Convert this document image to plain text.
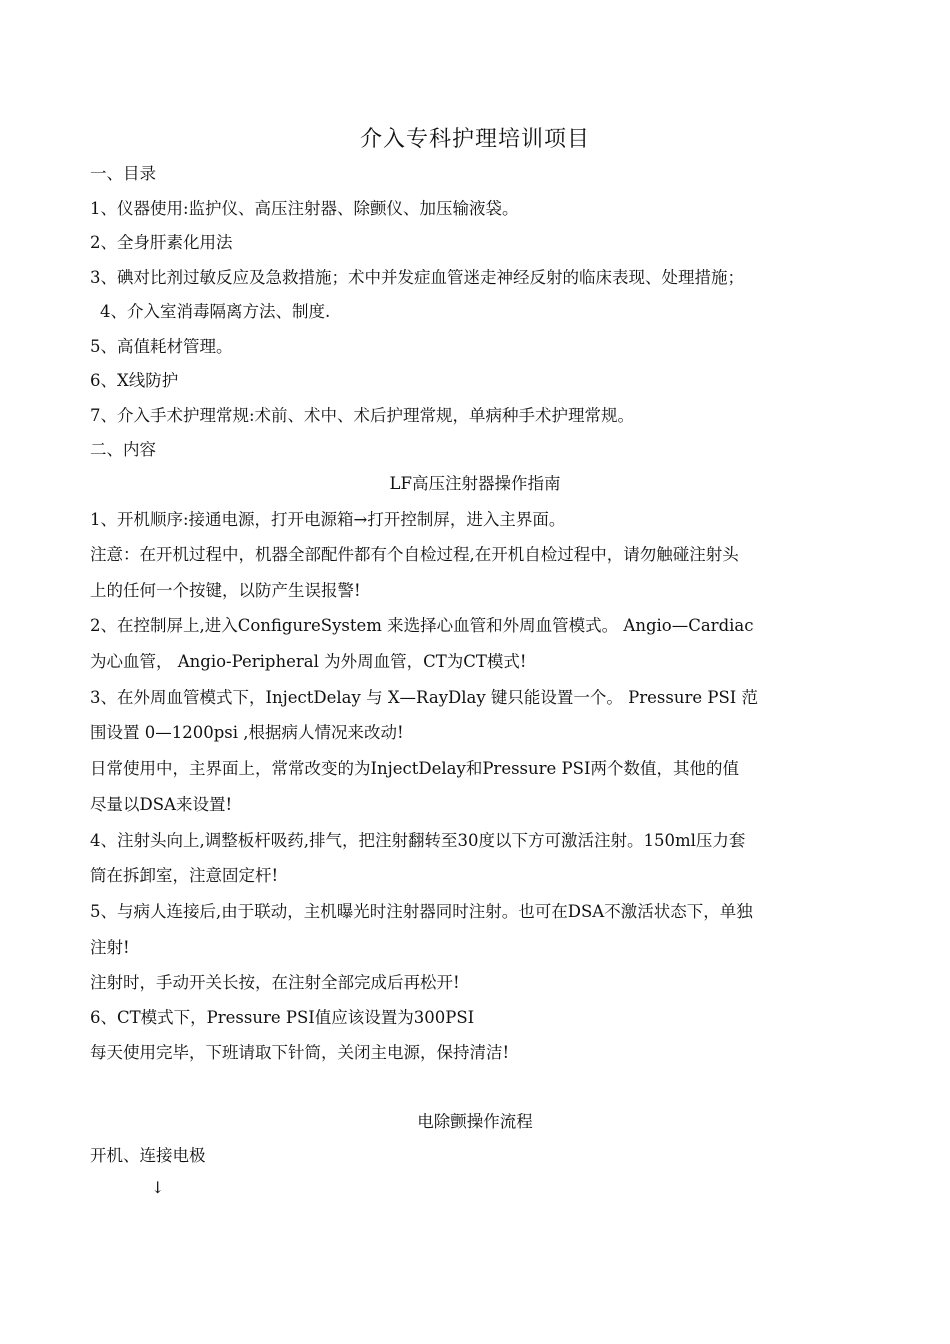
介入专科护理培训项目
一、目录
1、仪器使用:监护仪、高压注射器、除颤仪、加压输液袋。
2、全身肝素化用法
3、碘对比剂过敏反应及急救措施；术中并发症血管迷走神经反射的临床表现、处理措施；
4、介入室消毒隔离方法、制度.
5、高值耗材管理。
6、X线防护
7、介入手术护理常规:术前、术中、术后护理常规，单病种手术护理常规。
二、内容
LF高压注射器操作指南
1、开机顺序:接通电源，打开电源箱→打开控制屏，进入主界面。
注意：在开机过程中，机器全部配件都有个自检过程,在开机自检过程中，请勿触碰注射头
上的任何一个按键，以防产生误报警!
2、在控制屏上,进入ConfigureSystem 来选择心血管和外周血管模式。 Angio—Cardiac
为心血管， Angio-Peripheral 为外周血管，CT为CT模式!
3、在外周血管模式下，InjectDelay 与 X—RayDlay 键只能设置一个。 Pressure PSI 范
围设置 0—1200psi ,根据病人情况来改动!
日常使用中，主界面上，常常改变的为InjectDelay和Pressure PSI两个数值，其他的值
尽量以DSA来设置!
4、注射头向上,调整板杆吸药,排气，把注射翻转至30度以下方可激活注射。150ml压力套
筒在拆卸室，注意固定杆!
5、与病人连接后,由于联动，主机曝光时注射器同时注射。也可在DSA不激活状态下，单独
注射!
注射时，手动开关长按，在注射全部完成后再松开!
6、CT模式下，Pressure PSI值应该设置为300PSI
每天使用完毕，下班请取下针筒，关闭主电源，保持清洁!
电除颤操作流程
开机、连接电极
↓
